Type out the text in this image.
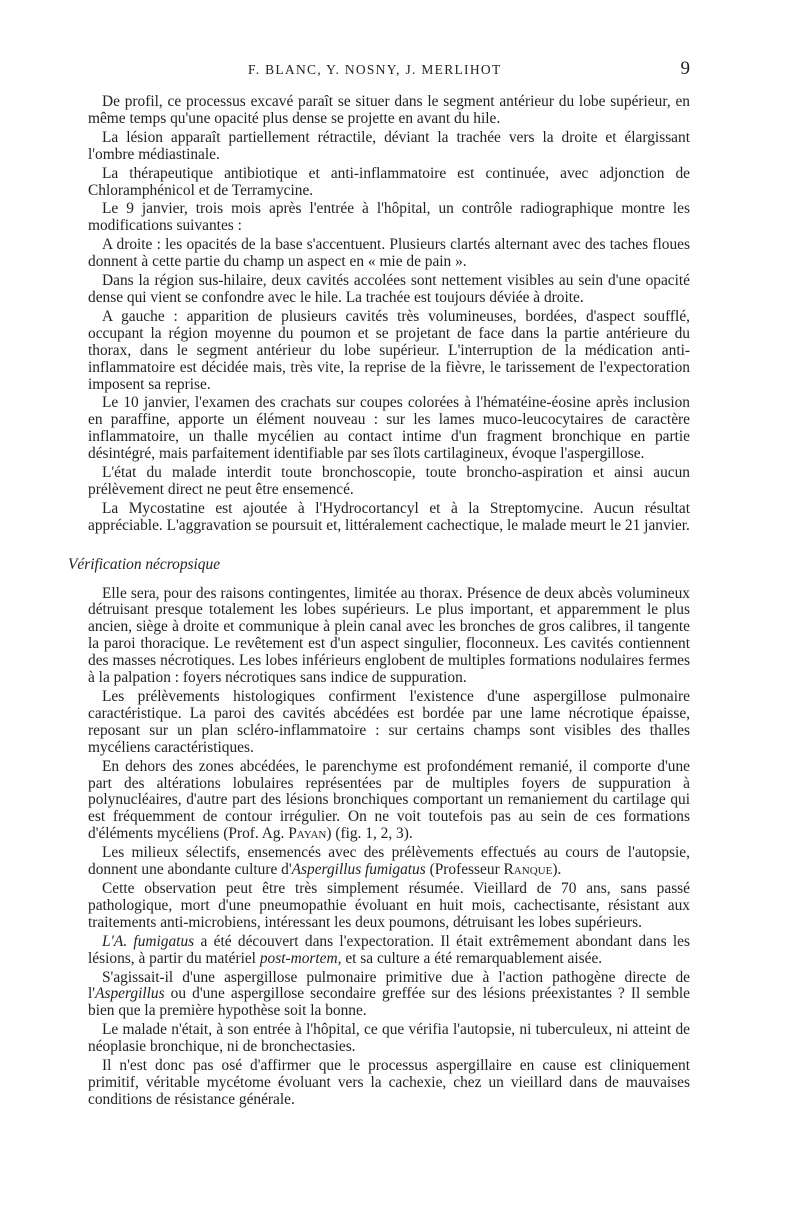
F. BLANC, Y. NOSNY, J. MERLIHOT	9

De profil, ce processus excavé paraît se situer dans le segment antérieur du lobe supérieur, en même temps qu'une opacité plus dense se projette en avant du hile.

La lésion apparaît partiellement rétractile, déviant la trachée vers la droite et élargissant l'ombre médiastinale.

La thérapeutique antibiotique et anti-inflammatoire est continuée, avec adjonction de Chloramphénicol et de Terramycine.

Le 9 janvier, trois mois après l'entrée à l'hôpital, un contrôle radiographique montre les modifications suivantes :

A droite : les opacités de la base s'accentuent. Plusieurs clartés alternant avec des taches floues donnent à cette partie du champ un aspect en « mie de pain ».

Dans la région sus-hilaire, deux cavités accolées sont nettement visibles au sein d'une opacité dense qui vient se confondre avec le hile. La trachée est toujours déviée à droite.

A gauche : apparition de plusieurs cavités très volumineuses, bordées, d'aspect soufflé, occupant la région moyenne du poumon et se projetant de face dans la partie antérieure du thorax, dans le segment antérieur du lobe supérieur. L'interruption de la médication anti-inflammatoire est décidée mais, très vite, la reprise de la fièvre, le tarissement de l'expectoration imposent sa reprise.

Le 10 janvier, l'examen des crachats sur coupes colorées à l'hématéine-éosine après inclusion en paraffine, apporte un élément nouveau : sur les lames muco-leucocytaires de caractère inflammatoire, un thalle mycélien au contact intime d'un fragment bronchique en partie désintégré, mais parfaitement identifiable par ses îlots cartilagineux, évoque l'aspergillose.

L'état du malade interdit toute bronchoscopie, toute broncho-aspiration et ainsi aucun prélèvement direct ne peut être ensemencé.

La Mycostatine est ajoutée à l'Hydrocortancyl et à la Streptomycine. Aucun résultat appréciable. L'aggravation se poursuit et, littéralement cachectique, le malade meurt le 21 janvier.

Vérification nécropsique

Elle sera, pour des raisons contingentes, limitée au thorax. Présence de deux abcès volumineux détruisant presque totalement les lobes supérieurs. Le plus important, et apparemment le plus ancien, siège à droite et communique à plein canal avec les bronches de gros calibres, il tangente la paroi thoracique. Le revêtement est d'un aspect singulier, floconneux. Les cavités contiennent des masses nécrotiques. Les lobes inférieurs englobent de multiples formations nodulaires fermes à la palpation : foyers nécrotiques sans indice de suppuration.

Les prélèvements histologiques confirment l'existence d'une aspergillose pulmonaire caractéristique. La paroi des cavités abcédées est bordée par une lame nécrotique épaisse, reposant sur un plan scléro-inflammatoire : sur certains champs sont visibles des thalles mycéliens caractéristiques.

En dehors des zones abcédées, le parenchyme est profondément remanié, il comporte d'une part des altérations lobulaires représentées par de multiples foyers de suppuration à polynucléaires, d'autre part des lésions bronchiques comportant un remaniement du cartilage qui est fréquemment de contour irrégulier. On ne voit toutefois pas au sein de ces formations d'éléments mycéliens (Prof. Ag. Payan) (fig. 1, 2, 3).

Les milieux sélectifs, ensemencés avec des prélèvements effectués au cours de l'autopsie, donnent une abondante culture d'Aspergillus fumigatus (Professeur Ranque).

Cette observation peut être très simplement résumée. Vieillard de 70 ans, sans passé pathologique, mort d'une pneumopathie évoluant en huit mois, cachectisante, résistant aux traitements anti-microbiens, intéressant les deux poumons, détruisant les lobes supérieurs.

L'A. fumigatus a été découvert dans l'expectoration. Il était extrêmement abondant dans les lésions, à partir du matériel post-mortem, et sa culture a été remarquablement aisée.

S'agissait-il d'une aspergillose pulmonaire primitive due à l'action pathogène directe de l'Aspergillus ou d'une aspergillose secondaire greffée sur des lésions préexistantes ? Il semble bien que la première hypothèse soit la bonne.

Le malade n'était, à son entrée à l'hôpital, ce que vérifia l'autopsie, ni tuberculeux, ni atteint de néoplasie bronchique, ni de bronchectasies.

Il n'est donc pas osé d'affirmer que le processus aspergillaire en cause est cliniquement primitif, véritable mycétome évoluant vers la cachexie, chez un vieillard dans de mauvaises conditions de résistance générale.
